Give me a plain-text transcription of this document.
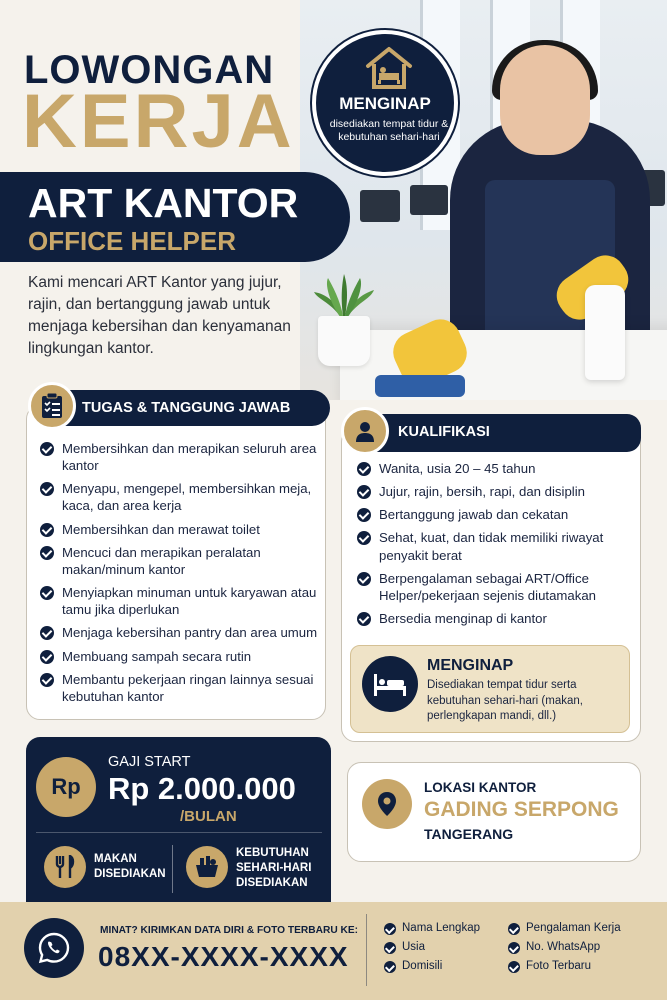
LOWONGAN
KERJA
ART KANTOR
OFFICE HELPER
Kami mencari ART Kantor yang jujur, rajin, dan bertanggung jawab untuk menjaga kebersihan dan kenyamanan lingkungan kantor.
MENGINAP
disediakan tempat tidur & kebutuhan sehari-hari
TUGAS & TANGGUNG JAWAB
Membersihkan dan merapikan seluruh area kantor
Menyapu, mengepel, membersihkan meja, kaca, dan area kerja
Membersihkan dan merawat toilet
Mencuci dan merapikan peralatan makan/minum kantor
Menyiapkan minuman untuk karyawan atau tamu jika diperlukan
Menjaga kebersihan pantry dan area umum
Membuang sampah secara rutin
Membantu pekerjaan ringan lainnya sesuai kebutuhan kantor
KUALIFIKASI
Wanita, usia 20 – 45 tahun
Jujur, rajin, bersih, rapi, dan disiplin
Bertanggung jawab dan cekatan
Sehat, kuat, dan tidak memiliki riwayat penyakit berat
Berpengalaman sebagai ART/Office Helper/pekerjaan sejenis diutamakan
Bersedia menginap di kantor
MENGINAP
Disediakan tempat tidur serta kebutuhan sehari-hari (makan, perlengkapan mandi, dll.)
Rp
GAJI START
Rp 2.000.000
/BULAN
MAKAN
DISEDIAKAN
KEBUTUHAN
SEHARI-HARI
DISEDIAKAN
LOKASI KANTOR
GADING SERPONG
TANGERANG
MINAT? KIRIMKAN DATA DIRI & FOTO TERBARU KE:
08XX-XXXX-XXXX
Nama Lengkap
Usia
Domisili
Pengalaman Kerja
No. WhatsApp
Foto Terbaru
